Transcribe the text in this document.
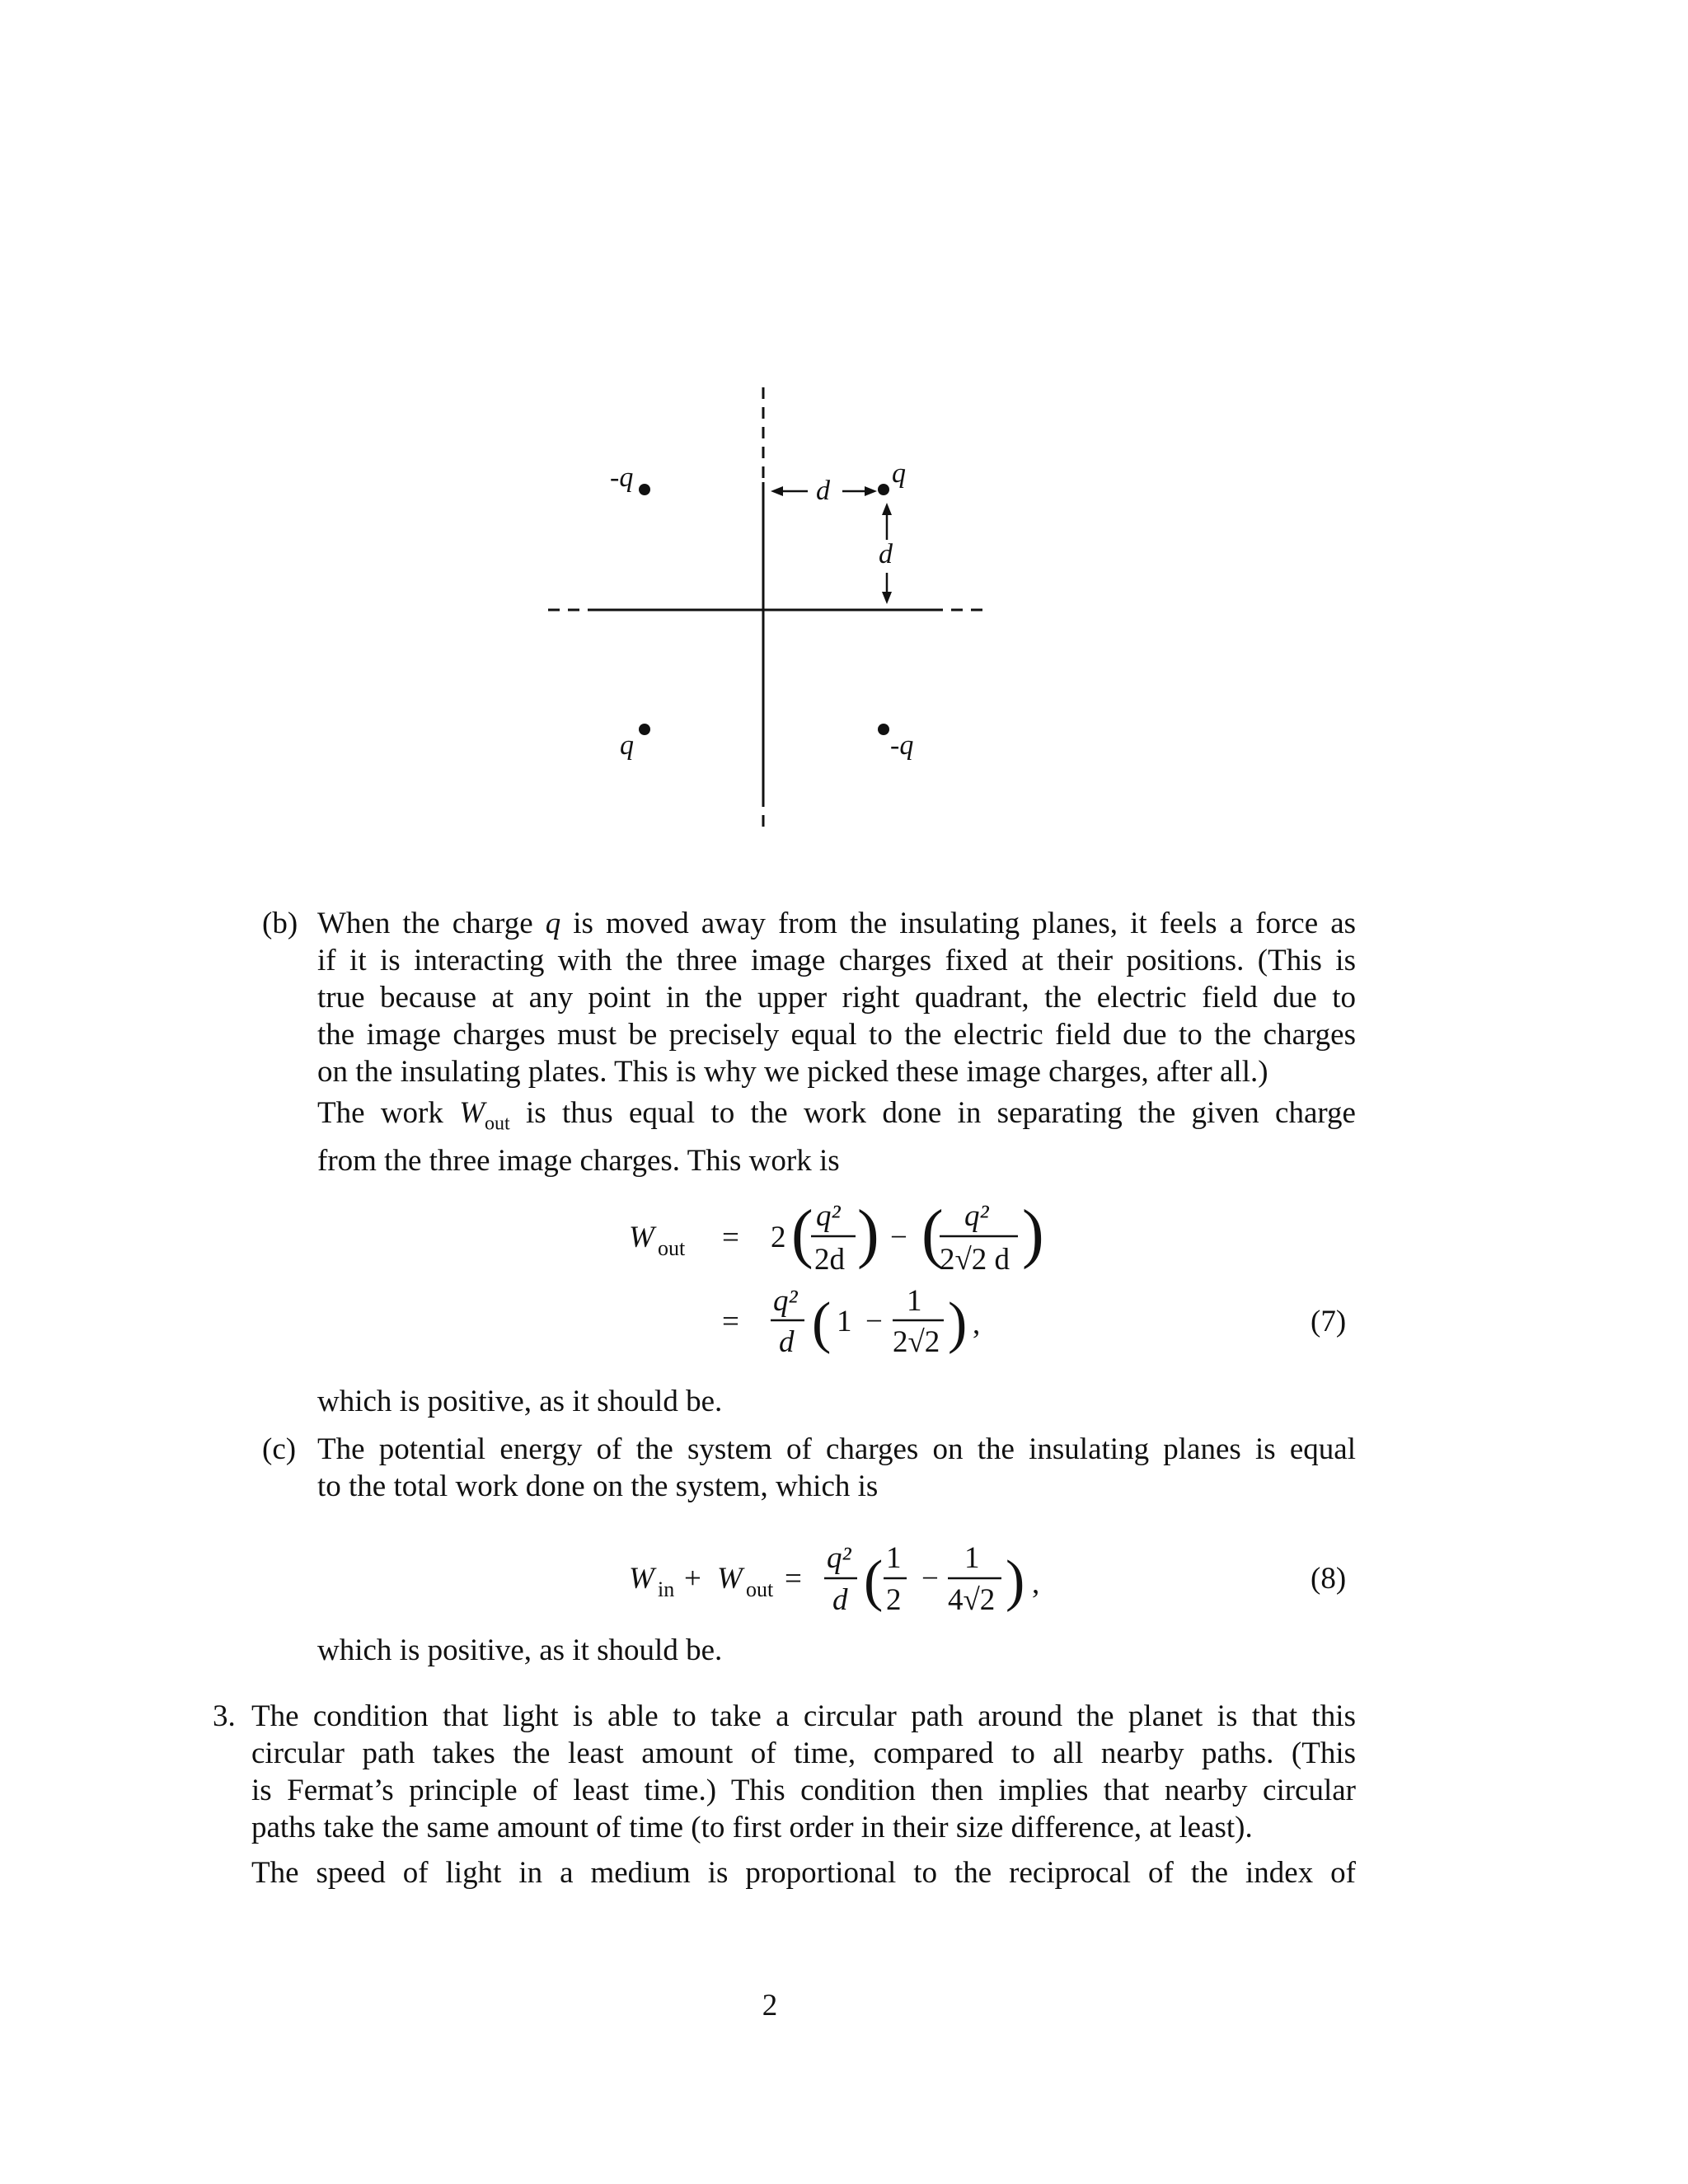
-q	q
q	-q
d
d
(b) When the charge q is moved away from the insulating planes, it feels a force as
if it is interacting with the three image charges fixed at their positions. (This is
true because at any point in the upper right quadrant, the electric field due to
the image charges must be precisely equal to the electric field due to the charges
on the insulating plates. This is why we picked these image charges, after all.)
The work $W_{out}$ is thus equal to the work done in separating the given charge
from the three image charges. This work is
W out = 2 ( q²
2d ) − ( q²
2√2 d )
=
q²
d ( 1 −
1
2√2 ) ,	(7)
which is positive, as it should be.
(c) The potential energy of the system of charges on the insulating planes is equal
to the total work done on the system, which is
W in + W out =
q²
d ( 1
2
−
1
4√2 ) ,	(8)
which is positive, as it should be.
3. The condition that light is able to take a circular path around the planet is that this
circular path takes the least amount of time, compared to all nearby paths. (This
is Fermat’s principle of least time.) This condition then implies that nearby circular
paths take the same amount of time (to first order in their size difference, at least).
The speed of light in a medium is proportional to the reciprocal of the index of
2
